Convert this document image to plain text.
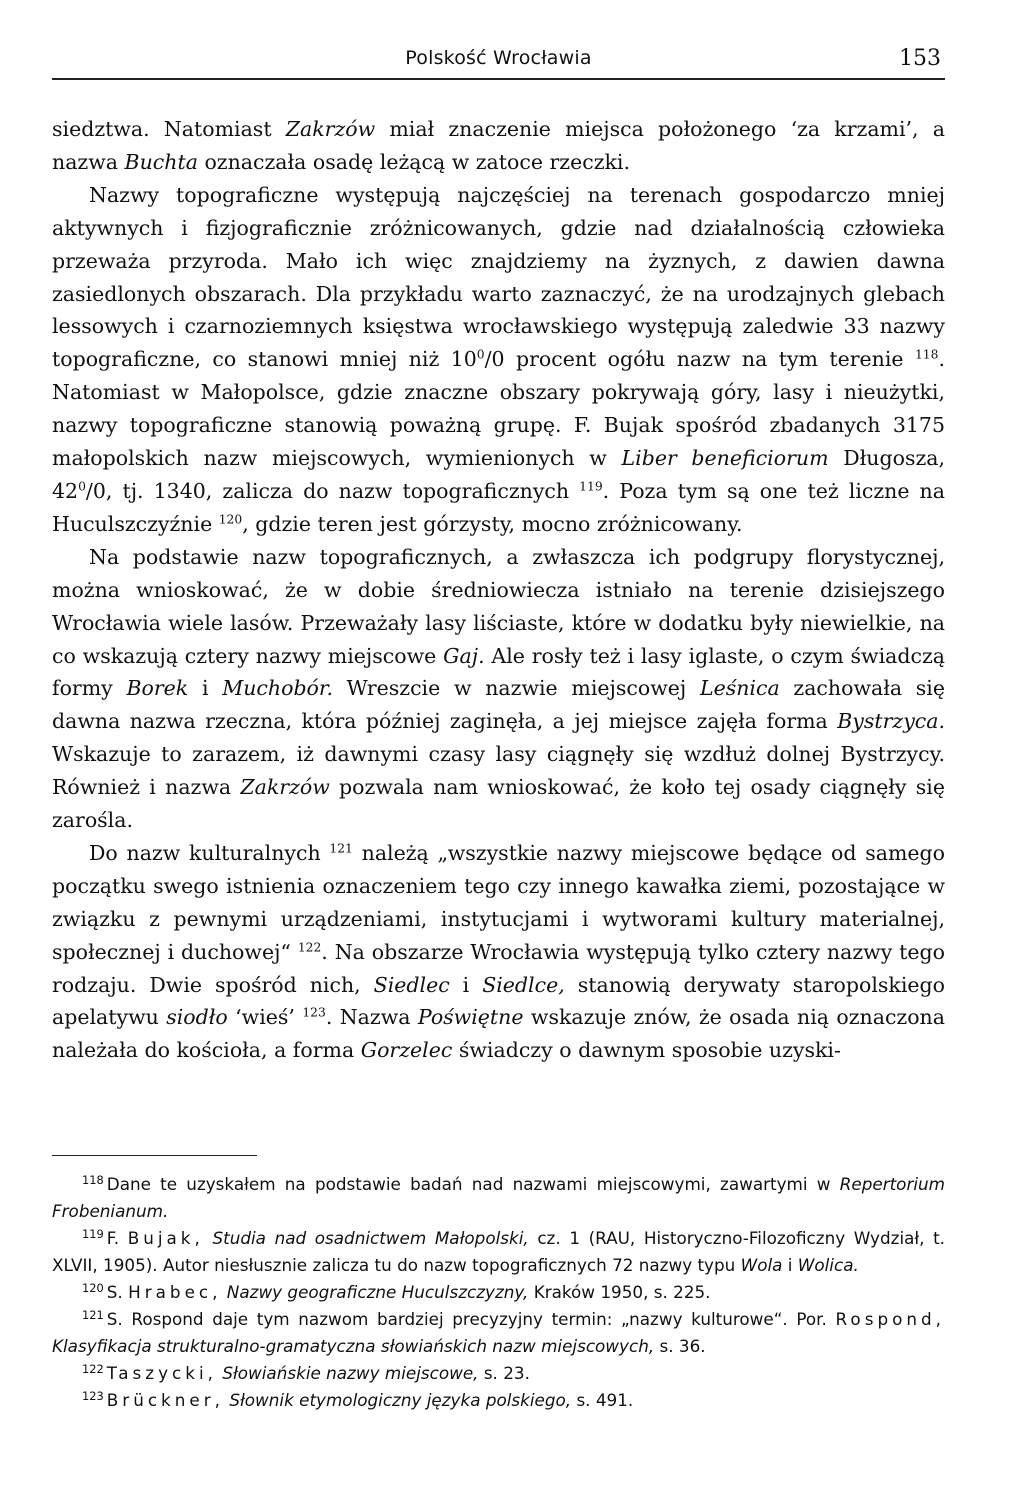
Polskość Wrocławia	153

siedztwa. Natomiast Zakrzów miał znaczenie miejsca położonego ‘za krzami’, a nazwa Buchta oznaczała osadę leżącą w zatoce rzeczki.

Nazwy topograficzne występują najczęściej na terenach gospodarczo mniej aktywnych i fizjograficznie zróżnicowanych, gdzie nad działalnością człowieka przeważa przyroda. Mało ich więc znajdziemy na żyznych, z dawien dawna zasiedlonych obszarach. Dla przykładu warto zaznaczyć, że na urodzajnych glebach lessowych i czarnoziemnych księstwa wrocławskiego występują zaledwie 33 nazwy topograficzne, co stanowi mniej niż $10^0/0$ procent ogółu nazw na tym terenie $^{118}$. Natomiast w Małopolsce, gdzie znaczne obszary pokrywają góry, lasy i nieużytki, nazwy topograficzne stanowią poważną grupę. F. Bujak spośród zbadanych 3175 małopolskich nazw miejscowych, wymienionych w Liber beneficiorum Długosza, $42^0/0$, tj. 1340, zalicza do nazw topograficznych $^{119}$. Poza tym są one też liczne na Huculszczyźnie $^{120}$, gdzie teren jest górzysty, mocno zróżnicowany.

Na podstawie nazw topograficznych, a zwłaszcza ich podgrupy florystycznej, można wnioskować, że w dobie średniowiecza istniało na terenie dzisiejszego Wrocławia wiele lasów. Przeważały lasy liściaste, które w dodatku były niewielkie, na co wskazują cztery nazwy miejscowe Gaj. Ale rosły też i lasy iglaste, o czym świadczą formy Borek i Muchobór. Wreszcie w nazwie miejscowej Leśnica zachowała się dawna nazwa rzeczna, która później zaginęła, a jej miejsce zajęła forma Bystrzyca. Wskazuje to zarazem, iż dawnymi czasy lasy ciągnęły się wzdłuż dolnej Bystrzycy. Również i nazwa Zakrzów pozwala nam wnioskować, że koło tej osady ciągnęły się zarośla.

Do nazw kulturalnych $^{121}$ należą „wszystkie nazwy miejscowe będące od samego początku swego istnienia oznaczeniem tego czy innego kawałka ziemi, pozostające w związku z pewnymi urządzeniami, instytucjami i wytworami kultury materialnej, społecznej i duchowej“ $^{122}$. Na obszarze Wrocławia występują tylko cztery nazwy tego rodzaju. Dwie spośród nich, Siedlec i Siedlce, stanowią derywaty staropolskiego apelatywu siodło ‘wieś’ $^{123}$. Nazwa Poświętne wskazuje znów, że osada nią oznaczona należała do kościoła, a forma Gorzelec świadczy o dawnym sposobie uzyski-

$^{118}$ Dane te uzyskałem na podstawie badań nad nazwami miejscowymi, zawartymi w Repertorium Frobenianum.

$^{119}$ F. Bujak, Studia nad osadnictwem Małopolski, cz. 1 (RAU, Historyczno-Filozoficzny Wydział, t. XLVII, 1905). Autor niesłusznie zalicza tu do nazw topograficznych 72 nazwy typu Wola i Wolica.

$^{120}$ S. Hrabec, Nazwy geograficzne Huculszczyzny, Kraków 1950, s. 225.

$^{121}$ S. Rospond daje tym nazwom bardziej precyzyjny termin: „nazwy kulturowe“. Por. Rospond, Klasyfikacja strukturalno-gramatyczna słowiańskich nazw miejscowych, s. 36.

$^{122}$ Taszycki, Słowiańskie nazwy miejscowe, s. 23.

$^{123}$ Brückner, Słownik etymologiczny języka polskiego, s. 491.
